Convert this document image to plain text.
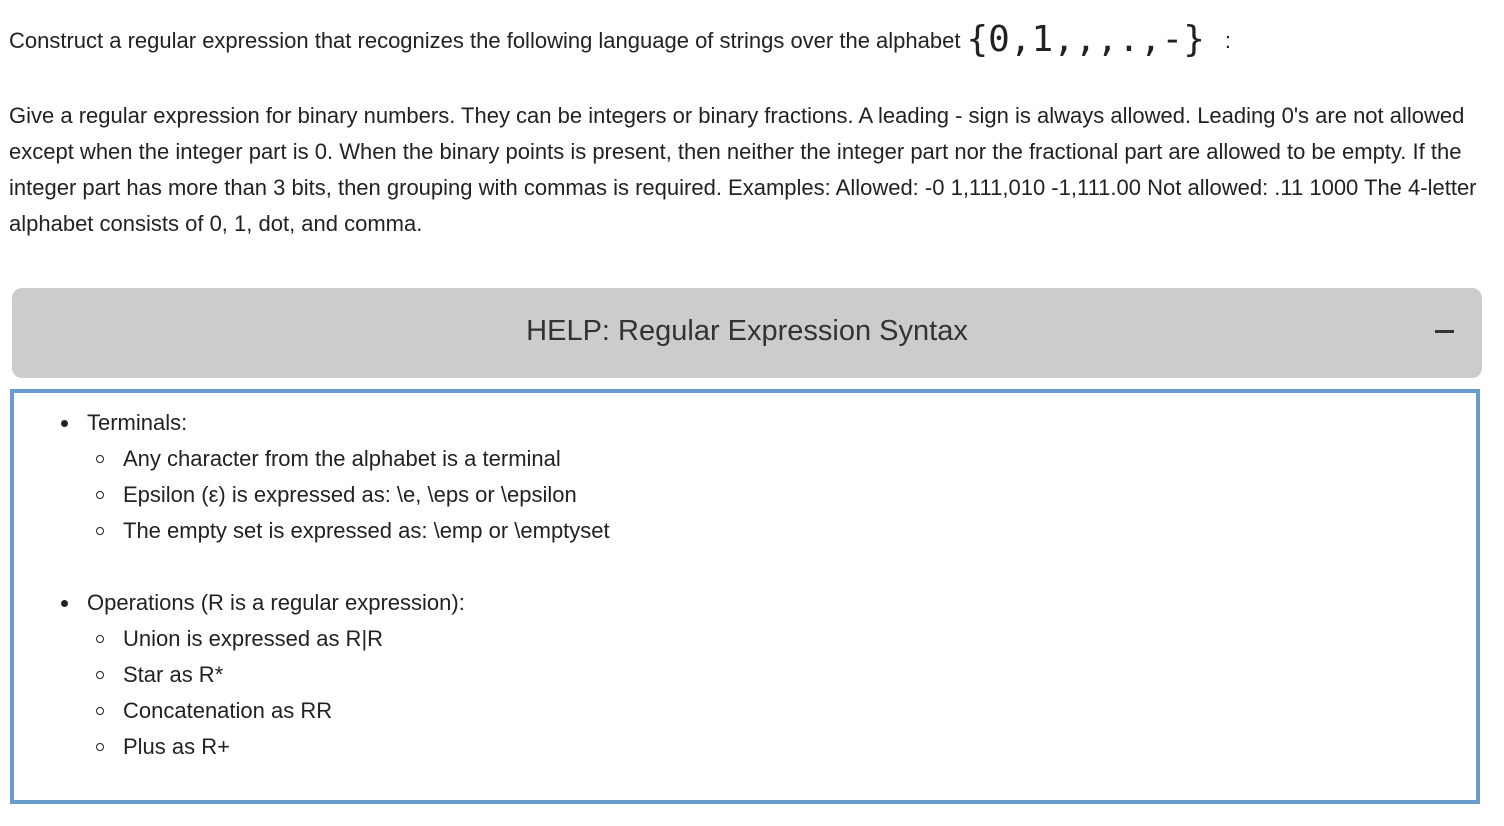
Construct a regular expression that recognizes the following language of strings over the alphabet {0,1,,,.,-} :
Give a regular expression for binary numbers. They can be integers or binary fractions. A leading - sign is always allowed. Leading 0's are not allowed except when the integer part is 0. When the binary points is present, then neither the integer part nor the fractional part are allowed to be empty. If the integer part has more than 3 bits, then grouping with commas is required. Examples: Allowed: -0 1,111,010 -1,111.00 Not allowed: .11 1000 The 4-letter alphabet consists of 0, 1, dot, and comma.
HELP: Regular Expression Syntax
Terminals:
Any character from the alphabet is a terminal
Epsilon (ε) is expressed as: \e, \eps or \epsilon
The empty set is expressed as: \emp or \emptyset
Operations (R is a regular expression):
Union is expressed as R|R
Star as R*
Concatenation as RR
Plus as R+
